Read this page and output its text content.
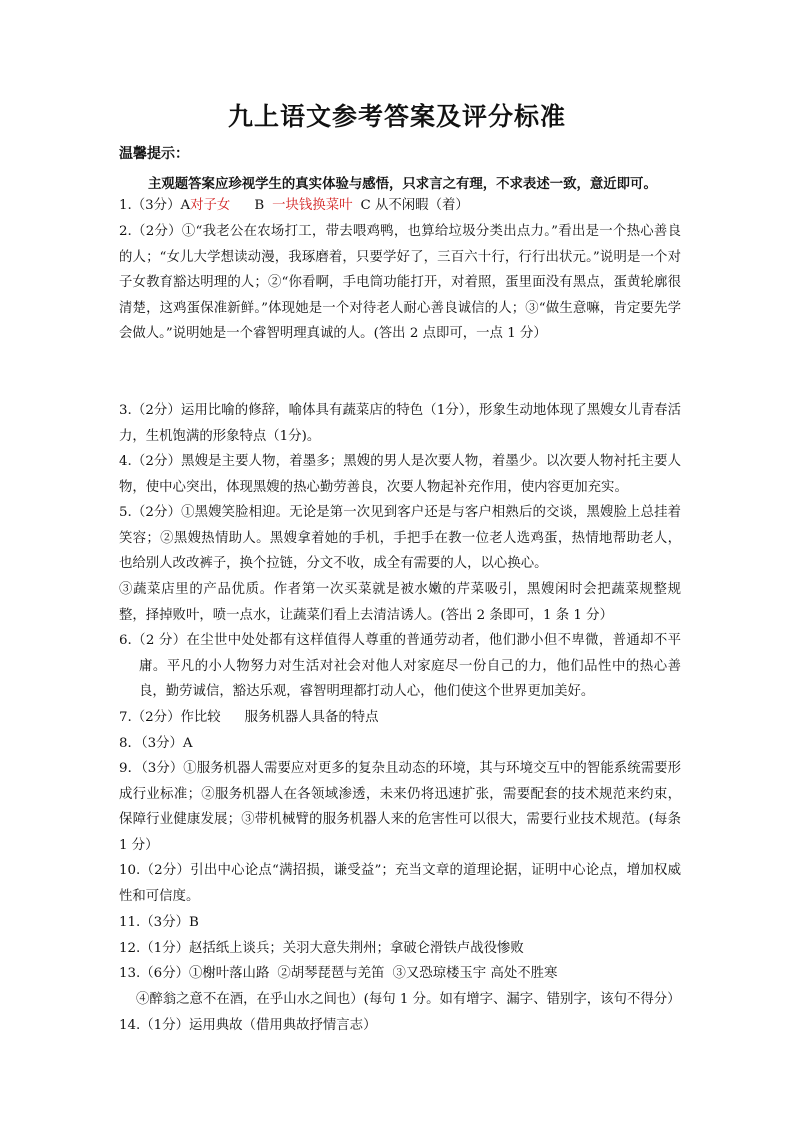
九上语文参考答案及评分标准
温馨提示：
主观题答案应珍视学生的真实体验与感悟，只求言之有理，不求表述一致，意近即可。
1.（3分）A对子女 B 一块钱换菜叶 C 从不闲暇（着）
2.（2分）①“我老公在农场打工，带去喂鸡鸭，也算给垃圾分类出点力。”看出是一个热心善良的人；“女儿大学想读动漫，我琢磨着，只要学好了，三百六十行，行行出状元。”说明是一个对子女教育豁达明理的人；②“你看啊，手电筒功能打开，对着照，蛋里面没有黑点，蛋黄轮廓很清楚，这鸡蛋保准新鲜。”体现她是一个对待老人耐心善良诚信的人；③“做生意嘛，肯定要先学会做人。”说明她是一个睿智明理真诚的人。(答出 2 点即可，一点 1 分）
3.（2分）运用比喻的修辞，喻体具有蔬菜店的特色（1分），形象生动地体现了黑嫂女儿青春活力，生机饱满的形象特点（1分)。
4.（2分）黑嫂是主要人物，着墨多；黑嫂的男人是次要人物，着墨少。以次要人物衬托主要人物，使中心突出，体现黑嫂的热心勤劳善良，次要人物起补充作用，使内容更加充实。
5.（2分）①黑嫂笑脸相迎。无论是第一次见到客户还是与客户相熟后的交谈，黑嫂脸上总挂着笑容；②黑嫂热情助人。黑嫂拿着她的手机，手把手在教一位老人选鸡蛋，热情地帮助老人，也给别人改改裤子，换个拉链，分文不收，成全有需要的人，以心换心。
③蔬菜店里的产品优质。作者第一次买菜就是被水嫩的芹菜吸引，黑嫂闲时会把蔬菜规整规整，择掉败叶，喷一点水，让蔬菜们看上去清洁诱人。(答出 2 条即可，1 条 1 分）
6.（2 分）在尘世中处处都有这样值得人尊重的普通劳动者，他们渺小但不卑微，普通却不平庸。平凡的小人物努力对生活对社会对他人对家庭尽一份自己的力，他们品性中的热心善良，勤劳诚信，豁达乐观，睿智明理都打动人心，他们使这个世界更加美好。
7.（2分）作比较 服务机器人具备的特点
8．（3分）A
9．（3分）①服务机器人需要应对更多的复杂且动态的环境，其与环境交互中的智能系统需要形成行业标准；②服务机器人在各领域渗透，未来仍将迅速扩张，需要配套的技术规范来约束，保障行业健康发展；③带机械臂的服务机器人来的危害性可以很大，需要行业技术规范。(每条 1 分）
10.（2分）引出中心论点“满招损，谦受益”；充当文章的道理论据，证明中心论点，增加权威性和可信度。
11.（3分）B
12.（1分）赵括纸上谈兵；关羽大意失荆州；拿破仑滑铁卢战役惨败
13.（6分）①榭叶落山路 ②胡琴琵琶与羌笛 ③又恐琼楼玉宇 高处不胜寒
④醉翁之意不在酒，在乎山水之间也）(每句 1 分。如有增字、漏字、错别字，该句不得分）
14.（1分）运用典故（借用典故抒情言志）
